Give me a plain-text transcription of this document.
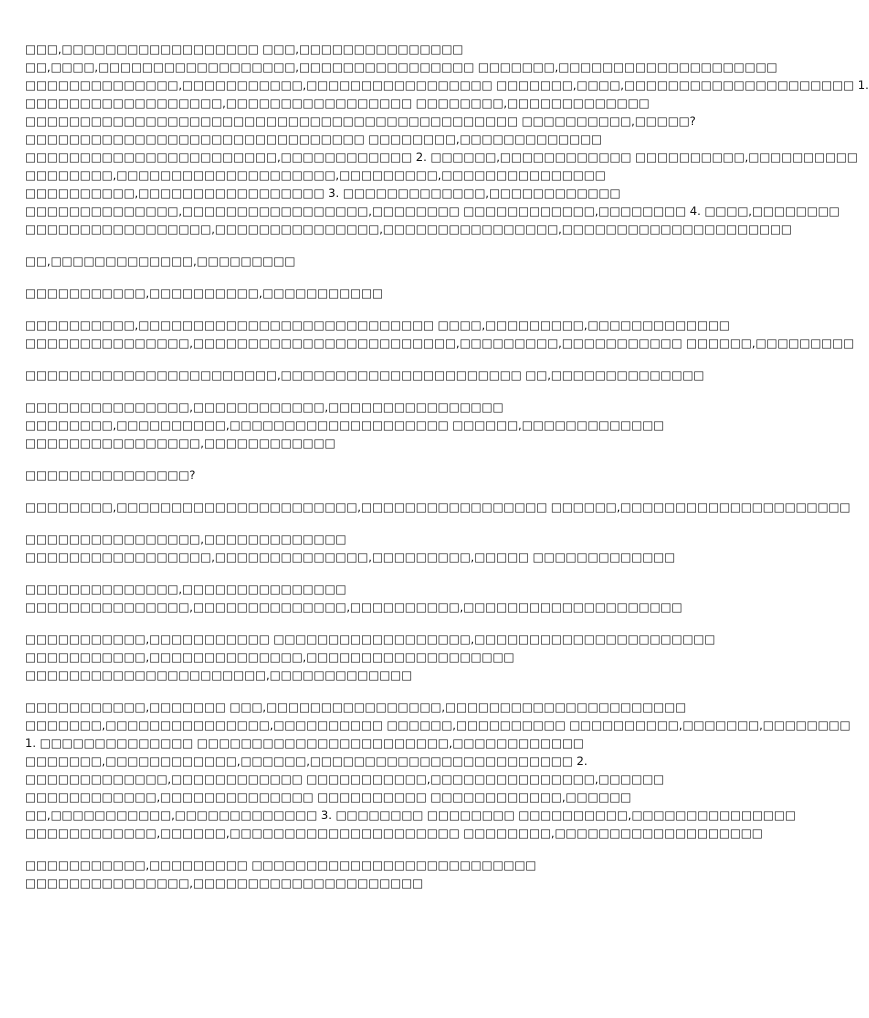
□□□,□□□□□□□□□□□□□□□□□□ □□□,□□□□□□□□□□□□□□□
□□,□□□□,□□□□□□□□□□□□□□□□□□,□□□□□□□□□□□□□□□□ □□□□□□□,□□□□□□□□□□□□□□□□□□□□
□□□□□□□□□□□□□□,□□□□□□□□□□□,□□□□□□□□□□□□□□□□□ □□□□□□□,□□□□,□□□□□□□□□□□□□□□□□□□□□ 1.
□□□□□□□□□□□□□□□□□□,□□□□□□□□□□□□□□□□□ □□□□□□□□,□□□□□□□□□□□□□
□□□□□□□□□□□□□□□□□□□□□□□□□□□□□□□□□□□□□□□□□□□□□ □□□□□□□□□□,□□□□□?
□□□□□□□□□□□□□□□□□□□□□□□□□□□□□□□ □□□□□□□□,□□□□□□□□□□□□□
□□□□□□□□□□□□□□□□□□□□□□□,□□□□□□□□□□□□ 2. □□□□□□,□□□□□□□□□□□□ □□□□□□□□□□,□□□□□□□□□□
□□□□□□□□,□□□□□□□□□□□□□□□□□□□□,□□□□□□□□□,□□□□□□□□□□□□□□□
□□□□□□□□□□,□□□□□□□□□□□□□□□□□ 3. □□□□□□□□□□□□□,□□□□□□□□□□□□
□□□□□□□□□□□□□□,□□□□□□□□□□□□□□□□□,□□□□□□□□ □□□□□□□□□□□□,□□□□□□□□ 4. □□□□,□□□□□□□□
□□□□□□□□□□□□□□□□□,□□□□□□□□□□□□□□□,□□□□□□□□□□□□□□□□,□□□□□□□□□□□□□□□□□□□□□
□□,□□□□□□□□□□□□□,□□□□□□□□□
□□□□□□□□□□□,□□□□□□□□□□,□□□□□□□□□□□
□□□□□□□□□□,□□□□□□□□□□□□□□□□□□□□□□□□□□□ □□□□,□□□□□□□□□,□□□□□□□□□□□□□
□□□□□□□□□□□□□□□,□□□□□□□□□□□□□□□□□□□□□□□□,□□□□□□□□□,□□□□□□□□□□□ □□□□□□,□□□□□□□□□
□□□□□□□□□□□□□□□□□□□□□□□,□□□□□□□□□□□□□□□□□□□□□□ □□,□□□□□□□□□□□□□□
□□□□□□□□□□□□□□□,□□□□□□□□□□□□,□□□□□□□□□□□□□□□□
□□□□□□□□,□□□□□□□□□□,□□□□□□□□□□□□□□□□□□□□ □□□□□□,□□□□□□□□□□□□□
□□□□□□□□□□□□□□□□,□□□□□□□□□□□□
□□□□□□□□□□□□□□□?
□□□□□□□□,□□□□□□□□□□□□□□□□□□□□□□,□□□□□□□□□□□□□□□□□ □□□□□□,□□□□□□□□□□□□□□□□□□□□□
□□□□□□□□□□□□□□□□,□□□□□□□□□□□□□
□□□□□□□□□□□□□□□□□,□□□□□□□□□□□□□□,□□□□□□□□□,□□□□□ □□□□□□□□□□□□□
□□□□□□□□□□□□□□,□□□□□□□□□□□□□□□
□□□□□□□□□□□□□□□,□□□□□□□□□□□□□□,□□□□□□□□□□,□□□□□□□□□□□□□□□□□□□□
□□□□□□□□□□□,□□□□□□□□□□□ □□□□□□□□□□□□□□□□□□,□□□□□□□□□□□□□□□□□□□□□□
□□□□□□□□□□□,□□□□□□□□□□□□□□,□□□□□□□□□□□□□□□□□□□
□□□□□□□□□□□□□□□□□□□□□□,□□□□□□□□□□□□□
□□□□□□□□□□□,□□□□□□□ □□□,□□□□□□□□□□□□□□□□,□□□□□□□□□□□□□□□□□□□□□□
□□□□□□□,□□□□□□□□□□□□□□□,□□□□□□□□□□ □□□□□□,□□□□□□□□□□ □□□□□□□□□□,□□□□□□□,□□□□□□□□
1. □□□□□□□□□□□□□□ □□□□□□□□□□□□□□□□□□□□□□□,□□□□□□□□□□□□
□□□□□□□,□□□□□□□□□□□□,□□□□□□,□□□□□□□□□□□□□□□□□□□□□□□□ 2.
□□□□□□□□□□□□□,□□□□□□□□□□□□ □□□□□□□□□□□,□□□□□□□□□□□□□□□,□□□□□□
□□□□□□□□□□□□,□□□□□□□□□□□□□□ □□□□□□□□□□ □□□□□□□□□□□□,□□□□□□
□□,□□□□□□□□□□□,□□□□□□□□□□□□□ 3. □□□□□□□□ □□□□□□□□ □□□□□□□□□□,□□□□□□□□□□□□□□□
□□□□□□□□□□□□,□□□□□□,□□□□□□□□□□□□□□□□□□□□□ □□□□□□□□,□□□□□□□□□□□□□□□□□□□
□□□□□□□□□□□,□□□□□□□□□ □□□□□□□□□□□□□□□□□□□□□□□□□□
□□□□□□□□□□□□□□□,□□□□□□□□□□□□□□□□□□□□□
